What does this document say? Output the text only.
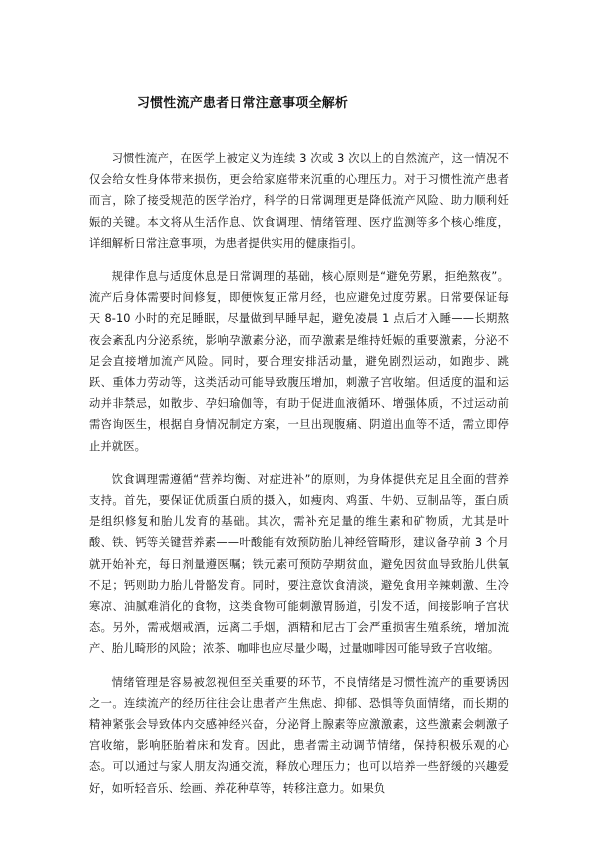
习惯性流产患者日常注意事项全解析

习惯性流产，在医学上被定义为连续 3 次或 3 次以上的自然流产，这一情况不仅会给女性身体带来损伤，更会给家庭带来沉重的心理压力。对于习惯性流产患者而言，除了接受规范的医学治疗，科学的日常调理更是降低流产风险、助力顺利妊娠的关键。本文将从生活作息、饮食调理、情绪管理、医疗监测等多个核心维度，详细解析日常注意事项，为患者提供实用的健康指引。

规律作息与适度休息是日常调理的基础，核心原则是“避免劳累，拒绝熬夜”。流产后身体需要时间修复，即便恢复正常月经，也应避免过度劳累。日常要保证每天 8-10 小时的充足睡眠，尽量做到早睡早起，避免凌晨 1 点后才入睡——长期熬夜会紊乱内分泌系统，影响孕激素分泌，而孕激素是维持妊娠的重要激素，分泌不足会直接增加流产风险。同时，要合理安排活动量，避免剧烈运动，如跑步、跳跃、重体力劳动等，这类活动可能导致腹压增加，刺激子宫收缩。但适度的温和运动并非禁忌，如散步、孕妇瑜伽等，有助于促进血液循环、增强体质，不过运动前需咨询医生，根据自身情况制定方案，一旦出现腹痛、阴道出血等不适，需立即停止并就医。

饮食调理需遵循“营养均衡、对症进补”的原则，为身体提供充足且全面的营养支持。首先，要保证优质蛋白质的摄入，如瘦肉、鸡蛋、牛奶、豆制品等，蛋白质是组织修复和胎儿发育的基础。其次，需补充足量的维生素和矿物质，尤其是叶酸、铁、钙等关键营养素——叶酸能有效预防胎儿神经管畸形，建议备孕前 3 个月就开始补充，每日剂量遵医嘱；铁元素可预防孕期贫血，避免因贫血导致胎儿供氧不足；钙则助力胎儿骨骼发育。同时，要注意饮食清淡，避免食用辛辣刺激、生冷寒凉、油腻难消化的食物，这类食物可能刺激胃肠道，引发不适，间接影响子宫状态。另外，需戒烟戒酒，远离二手烟，酒精和尼古丁会严重损害生殖系统，增加流产、胎儿畸形的风险；浓茶、咖啡也应尽量少喝，过量咖啡因可能导致子宫收缩。

情绪管理是容易被忽视但至关重要的环节，不良情绪是习惯性流产的重要诱因之一。连续流产的经历往往会让患者产生焦虑、抑郁、恐惧等负面情绪，而长期的精神紧张会导致体内交感神经兴奋，分泌肾上腺素等应激激素，这些激素会刺激子宫收缩，影响胚胎着床和发育。因此，患者需主动调节情绪，保持积极乐观的心态。可以通过与家人朋友沟通交流，释放心理压力；也可以培养一些舒缓的兴趣爱好，如听轻音乐、绘画、养花种草等，转移注意力。如果负
